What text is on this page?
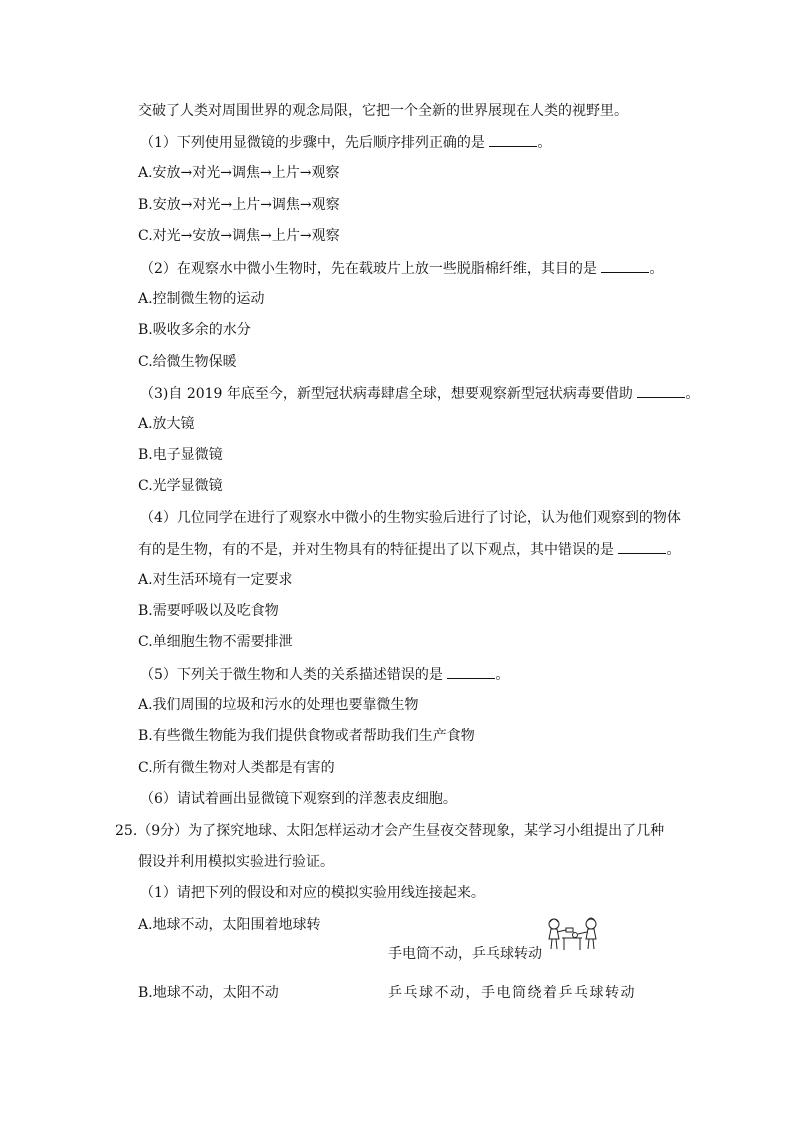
交破了人类对周围世界的观念局限，它把一个全新的世界展现在人类的视野里。
（1）下列使用显微镜的步骤中，先后顺序排列正确的是	。
A.安放→对光→调焦→上片→观察
B.安放→对光→上片→调焦→观察
C.对光→安放→调焦→上片→观察
（2）在观察水中微小生物时，先在载玻片上放一些脱脂棉纤维，其目的是	。
A.控制微生物的运动
B.吸收多余的水分
C.给微生物保暖
（3)自 2019 年底至今，新型冠状病毒肆虐全球，想要观察新型冠状病毒要借助	。
A.放大镜
B.电子显微镜
C.光学显微镜
（4）几位同学在进行了观察水中微小的生物实验后进行了讨论，认为他们观察到的物体
有的是生物，有的不是，并对生物具有的特征提出了以下观点，其中错误的是	。
A.对生活环境有一定要求
B.需要呼吸以及吃食物
C.单细胞生物不需要排泄
（5）下列关于微生物和人类的关系描述错误的是	。
A.我们周围的垃圾和污水的处理也要靠微生物
B.有些微生物能为我们提供食物或者帮助我们生产食物
C.所有微生物对人类都是有害的
（6）请试着画出显微镜下观察到的洋葱表皮细胞。
25.（9分）为了探究地球、太阳怎样运动才会产生昼夜交替现象，某学习小组提出了几种
假设并利用模拟实验进行验证。
（1）请把下列的假设和对应的模拟实验用线连接起来。
A.地球不动，太阳围着地球转
手电筒不动，乒乓球转动
B.地球不动，太阳不动	乒乓球不动，手电筒绕着乒乓球转动
